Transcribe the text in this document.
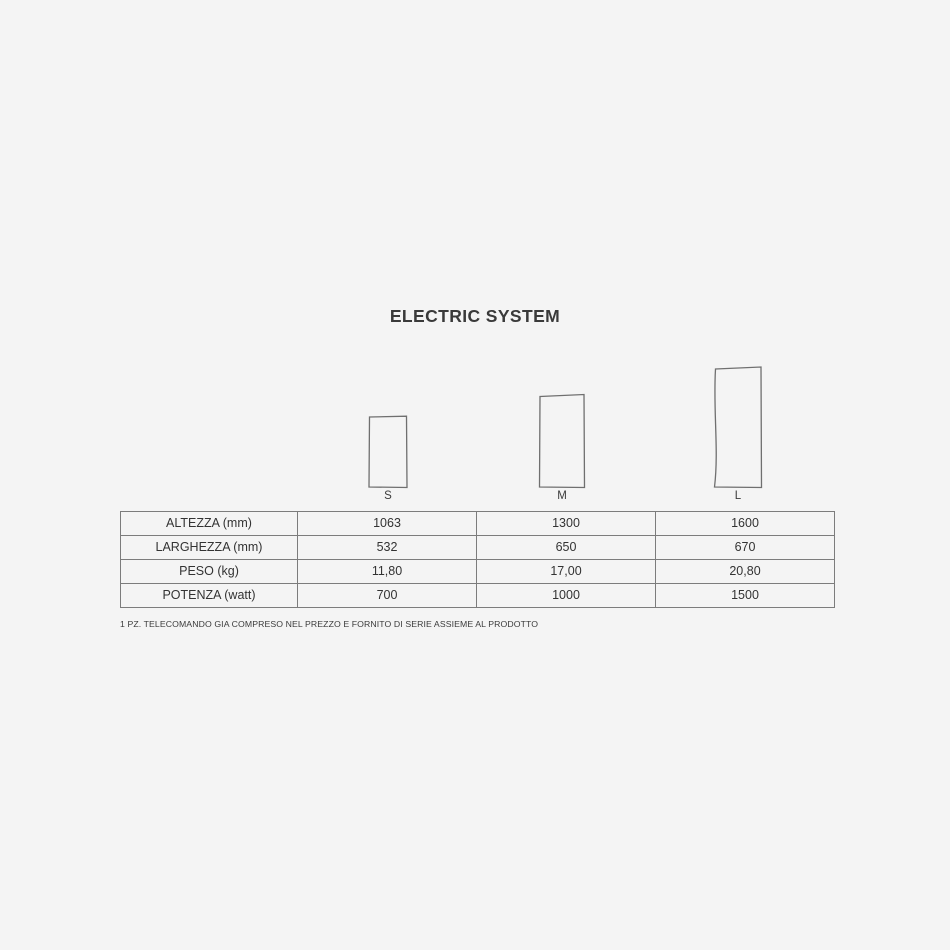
ELECTRIC SYSTEM
S	M	L
ALTEZZA (mm)	1063	1300	1600
LARGHEZZA (mm)	532	650	670
PESO (kg)	11,80	17,00	20,80
POTENZA (watt)	700	1000	1500
1 PZ. TELECOMANDO GIA COMPRESO NEL PREZZO E FORNITO DI SERIE ASSIEME AL PRODOTTO
